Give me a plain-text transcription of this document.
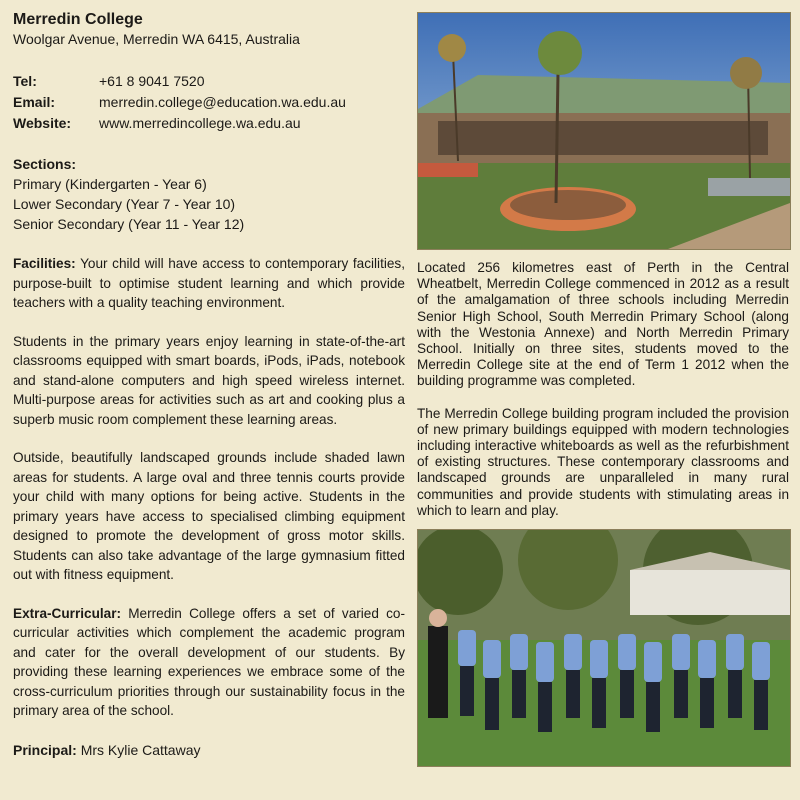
Merredin College

Woolgar Avenue, Merredin WA 6415, Australia

Tel:	+61 8 9041 7520
Email:	merredin.college@education.wa.edu.au
Website:	www.merredincollege.wa.edu.au
Sections:
Primary (Kindergarten - Year 6)
Lower Secondary (Year 7 - Year 10)
Senior Secondary (Year 11 - Year 12)

Facilities: Your child will have access to contemporary facilities, purpose-built to optimise student learning and which provide teachers with a quality teaching environment.

Students in the primary years enjoy learning in state-of-the-art classrooms equipped with smart boards, iPods, iPads, notebook and stand-alone computers and high speed wireless internet. Multi-purpose areas for activities such as art and cooking plus a superb music room complement these learning areas.

Outside, beautifully landscaped grounds include shaded lawn areas for students. A large oval and three tennis courts provide your child with many options for being active. Students in the primary years have access to specialised climbing equipment designed to promote the development of gross motor skills. Students can also take advantage of the large gymnasium fitted out with fitness equipment.

Extra-Curricular: Merredin College offers a set of varied co-curricular activities which complement the academic program and cater for the overall development of our students. By providing these learning experiences we embrace some of the cross-curriculum priorities through our sustainability focus in the primary area of the school.

Principal: Mrs Kylie Cattaway

Located 256 kilometres east of Perth in the Central Wheatbelt, Merredin College commenced in 2012 as a result of the amalgamation of three schools including Merredin Senior High School, South Merredin Primary School (along with the Westonia Annexe) and North Merredin Primary School. Initially on three sites, students moved to the Merredin College site at the end of Term 1 2012 when the building programme was completed.

The Merredin College building program included the provision of new primary buildings equipped with modern technologies including interactive whiteboards as well as the refurbishment of existing structures. These contemporary classrooms and landscaped grounds are unparalleled in many rural communities and provide students with stimulating areas in which to learn and play.
